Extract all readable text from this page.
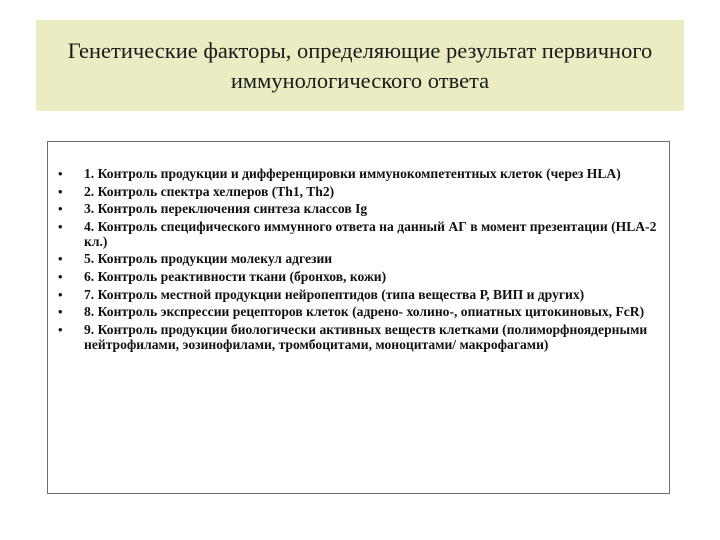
Генетические факторы, определяющие результат первичного иммунологического ответа
• 1. Контроль продукции и дифференцировки иммунокомпетентных клеток (через HLA)
• 2. Контроль спектра хелперов (Th1, Th2)
• 3. Контроль переключения синтеза классов Ig
• 4. Контроль специфического иммунного ответа на данный АГ в момент презентации (HLA-2 кл.)
• 5. Контроль продукции молекул адгезии
• 6. Контроль реактивности ткани (бронхов, кожи)
• 7. Контроль местной продукции нейропептидов (типа вещества Р, ВИП и других)
• 8. Контроль экспрессии рецепторов клеток (адрено- холино-, опиатных цитокиновых, FcR)
• 9. Контроль продукции биологически активных веществ клетками (полиморфноядерными нейтрофилами, эозинофилами, тромбоцитами, моноцитами/ макрофагами)
